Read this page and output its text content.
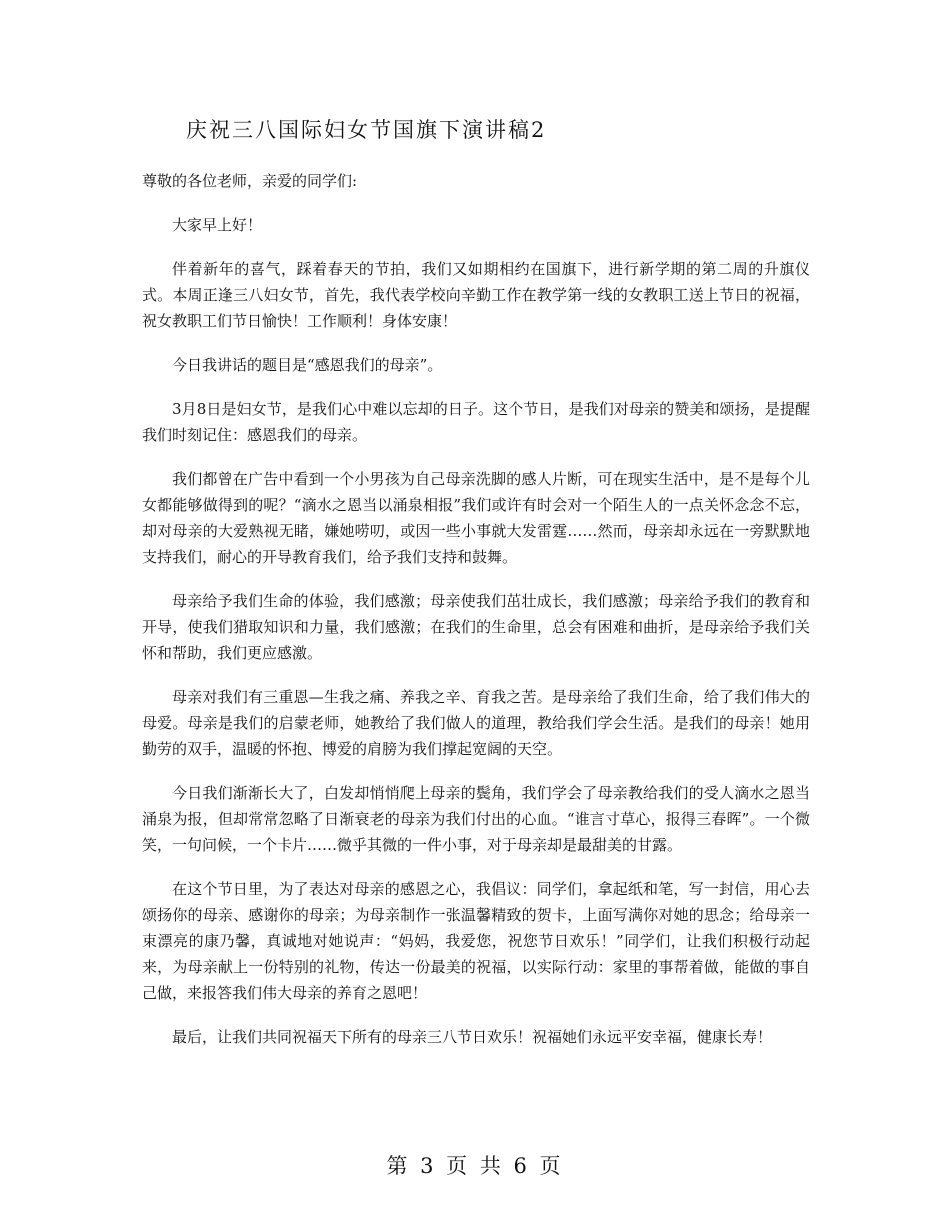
庆祝三八国际妇女节国旗下演讲稿2

尊敬的各位老师，亲爱的同学们:

大家早上好！

伴着新年的喜气，踩着春天的节拍，我们又如期相约在国旗下，进行新学期的第二周的升旗仪式。本周正逢三八妇女节，首先，我代表学校向辛勤工作在教学第一线的女教职工送上节日的祝福，祝女教职工们节日愉快！工作顺利！身体安康！

今日我讲话的题目是“感恩我们的母亲”。

3月8日是妇女节，是我们心中难以忘却的日子。这个节日，是我们对母亲的赞美和颂扬，是提醒我们时刻记住：感恩我们的母亲。

我们都曾在广告中看到一个小男孩为自己母亲洗脚的感人片断，可在现实生活中，是不是每个儿女都能够做得到的呢？“滴水之恩当以涌泉相报”我们或许有时会对一个陌生人的一点关怀念念不忘，却对母亲的大爱熟视无睹，嫌她唠叨，或因一些小事就大发雷霆……然而，母亲却永远在一旁默默地支持我们，耐心的开导教育我们，给予我们支持和鼓舞。

母亲给予我们生命的体验，我们感激；母亲使我们茁壮成长，我们感激；母亲给予我们的教育和开导，使我们猎取知识和力量，我们感激；在我们的生命里，总会有困难和曲折，是母亲给予我们关怀和帮助，我们更应感激。

母亲对我们有三重恩—生我之痛、养我之辛、育我之苦。是母亲给了我们生命，给了我们伟大的母爱。母亲是我们的启蒙老师，她教给了我们做人的道理，教给我们学会生活。是我们的母亲！她用勤劳的双手，温暖的怀抱、博爱的肩膀为我们撑起宽阔的天空。

今日我们渐渐长大了，白发却悄悄爬上母亲的鬓角，我们学会了母亲教给我们的受人滴水之恩当涌泉为报，但却常常忽略了日渐衰老的母亲为我们付出的心血。“谁言寸草心，报得三春晖”。一个微笑，一句问候，一个卡片……微乎其微的一件小事，对于母亲却是最甜美的甘露。

在这个节日里，为了表达对母亲的感恩之心，我倡议：同学们，拿起纸和笔，写一封信，用心去颂扬你的母亲、感谢你的母亲；为母亲制作一张温馨精致的贺卡，上面写满你对她的思念；给母亲一束漂亮的康乃馨，真诚地对她说声：“妈妈，我爱您，祝您节日欢乐！”同学们，让我们积极行动起来，为母亲献上一份特别的礼物，传达一份最美的祝福，以实际行动：家里的事帮着做，能做的事自己做，来报答我们伟大母亲的养育之恩吧！

最后，让我们共同祝福天下所有的母亲三八节日欢乐！祝福她们永远平安幸福，健康长寿！

第 3 页 共 6 页
